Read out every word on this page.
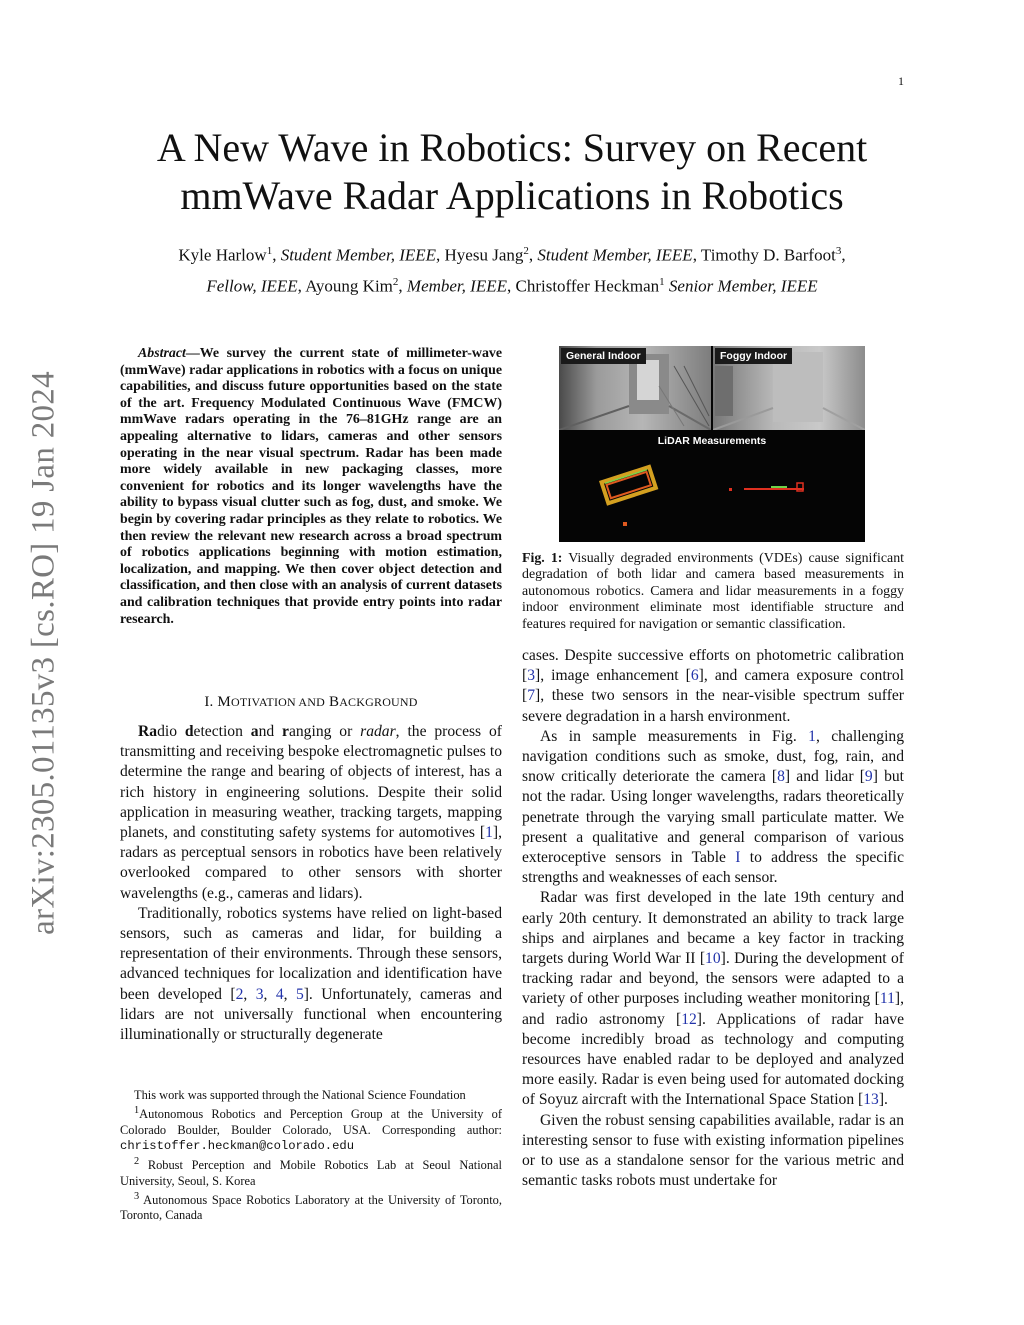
1
arXiv:2305.01135v3 [cs.RO] 19 Jan 2024
A New Wave in Robotics: Survey on Recent
mmWave Radar Applications in Robotics
Kyle Harlow$^1$, Student Member, IEEE, Hyesu Jang$^2$, Student Member, IEEE, Timothy D. Barfoot$^3$,
Fellow, IEEE, Ayoung Kim$^2$, Member, IEEE, Christoffer Heckman$^1$ Senior Member, IEEE

Abstract—We survey the current state of millimeter-wave (mmWave) radar applications in robotics with a focus on unique capabilities, and discuss future opportunities based on the state of the art. Frequency Modulated Continuous Wave (FMCW) mmWave radars operating in the 76–81GHz range are an appealing alternative to lidars, cameras and other sensors operating in the near visual spectrum. Radar has been made more widely available in new packaging classes, more convenient for robotics and its longer wavelengths have the ability to bypass visual clutter such as fog, dust, and smoke. We begin by covering radar principles as they relate to robotics. We then review the relevant new research across a broad spectrum of robotics applications beginning with motion estimation, localization, and mapping. We then cover object detection and classification, and then close with an analysis of current datasets and calibration techniques that provide entry points into radar research.

I. MOTIVATION AND BACKGROUND

Radio detection and ranging or radar, the process of transmitting and receiving bespoke electromagnetic pulses to determine the range and bearing of objects of interest, has a rich history in engineering solutions. Despite their solid application in measuring weather, tracking targets, mapping planets, and constituting safety systems for automotives [1], radars as perceptual sensors in robotics have been relatively overlooked compared to other sensors with shorter wavelengths (e.g., cameras and lidars).

Traditionally, robotics systems have relied on light-based sensors, such as cameras and lidar, for building a representation of their environments. Through these sensors, advanced techniques for localization and identification have been developed [2, 3, 4, 5]. Unfortunately, cameras and lidars are not universally functional when encountering illuminationally or structurally degenerate

This work was supported through the National Science Foundation

$^1$Autonomous Robotics and Perception Group at the University of Colorado Boulder, Boulder Colorado, USA. Corresponding author: christoffer.heckman@colorado.edu

$^2$ Robust Perception and Mobile Robotics Lab at Seoul National University, Seoul, S. Korea

$^3$ Autonomous Space Robotics Laboratory at the University of Toronto, Toronto, Canada

General Indoor	Foggy Indoor
LiDAR Measurements
Fig. 1: Visually degraded environments (VDEs) cause significant degradation of both lidar and camera based measurements in autonomous robotics. Camera and lidar measurements in a foggy indoor environment eliminate most identifiable structure and features required for navigation or semantic classification.

cases. Despite successive efforts on photometric calibration [3], image enhancement [6], and camera exposure control [7], these two sensors in the near-visible spectrum suffer severe degradation in a harsh environment.

As in sample measurements in Fig. 1, challenging navigation conditions such as smoke, dust, fog, rain, and snow critically deteriorate the camera [8] and lidar [9] but not the radar. Using longer wavelengths, radars theoretically penetrate through the varying small particulate matter. We present a qualitative and general comparison of various exteroceptive sensors in Table I to address the specific strengths and weaknesses of each sensor.

Radar was first developed in the late 19th century and early 20th century. It demonstrated an ability to track large ships and airplanes and became a key factor in tracking targets during World War II [10]. During the development of tracking radar and beyond, the sensors were adapted to a variety of other purposes including weather monitoring [11], and radio astronomy [12]. Applications of radar have become incredibly broad as technology and computing resources have enabled radar to be deployed and analyzed more easily. Radar is even being used for automated docking of Soyuz aircraft with the International Space Station [13].

Given the robust sensing capabilities available, radar is an interesting sensor to fuse with existing information pipelines or to use as a standalone sensor for the various metric and semantic tasks robots must undertake for
